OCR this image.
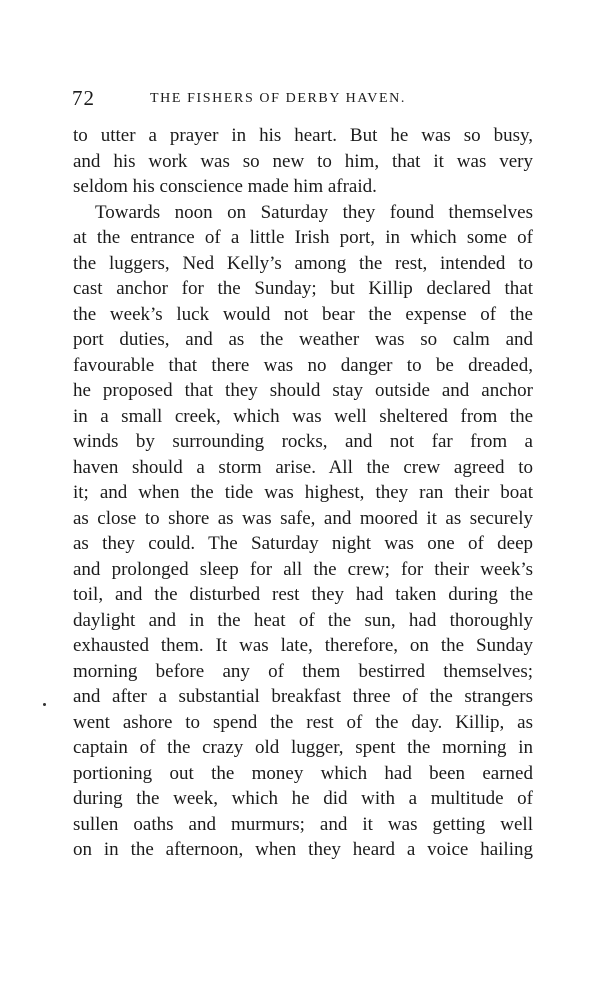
72	THE FISHERS OF DERBY HAVEN.
to utter a prayer in his heart. But he was so busy,
and his work was so new to him, that it was very
seldom his conscience made him afraid.
Towards noon on Saturday they found themselves
at the entrance of a little Irish port, in which some of
the luggers, Ned Kelly’s among the rest, intended to
cast anchor for the Sunday; but Killip declared that
the week’s luck would not bear the expense of the
port duties, and as the weather was so calm and
favourable that there was no danger to be dreaded,
he proposed that they should stay outside and anchor
in a small creek, which was well sheltered from the
winds by surrounding rocks, and not far from a
haven should a storm arise. All the crew agreed to
it; and when the tide was highest, they ran their boat
as close to shore as was safe, and moored it as securely
as they could. The Saturday night was one of deep
and prolonged sleep for all the crew; for their week’s
toil, and the disturbed rest they had taken during the
daylight and in the heat of the sun, had thoroughly
exhausted them. It was late, therefore, on the Sunday
morning before any of them bestirred themselves;
and after a substantial breakfast three of the strangers
went ashore to spend the rest of the day. Killip, as
captain of the crazy old lugger, spent the morning in
portioning out the money which had been earned
during the week, which he did with a multitude of
sullen oaths and murmurs; and it was getting well
on in the afternoon, when they heard a voice hailing
